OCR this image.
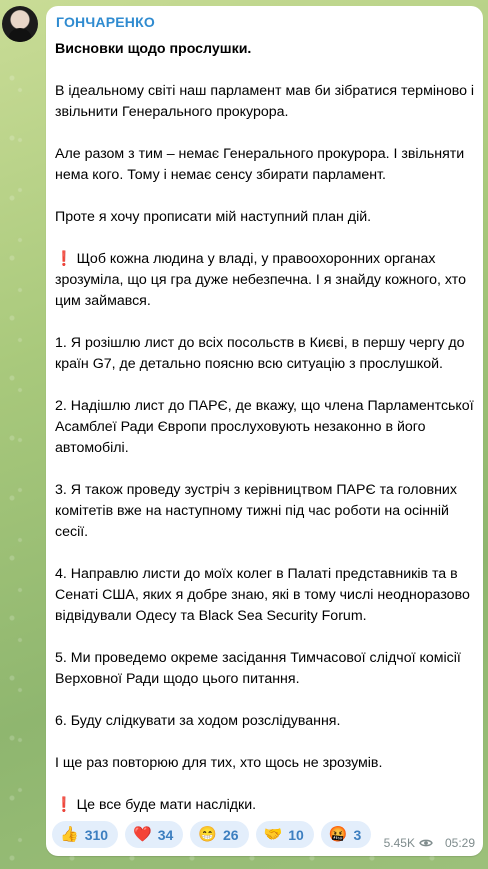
ГОНЧАРЕНКО

Висновки щодо прослушки.

В ідеальному світі наш парламент мав би зібратися терміново і звільнити Генерального прокурора.

Але разом з тим – немає Генерального прокурора. І звільняти нема кого. Тому і немає сенсу збирати парламент.

Проте я хочу прописати мій наступний план дій.

❗ Щоб кожна людина у владі, у правоохоронних органах зрозуміла, що ця гра дуже небезпечна. І я знайду кожного, хто цим займався.

1. Я розішлю лист до всіх посольств в Києві, в першу чергу до країн G7, де детально поясню всю ситуацію з прослушкой.

2. Надішлю лист до ПАРЄ, де вкажу, що члена Парламентської Асамблеї Ради Європи прослуховують незаконно в його автомобілі.

3. Я також проведу зустріч з керівництвом ПАРЄ та головних комітетів вже на наступному тижні під час роботи на осінній сесії.

4. Направлю листи до моїх колег в Палаті представників та в Сенаті США, яких я добре знаю, які в тому числі неодноразово відвідували Одесу та Black Sea Security Forum.

5. Ми проведемо окреме засідання Тимчасової слідчої комісії Верховної Ради щодо цього питання.

6. Буду слідкувати за ходом розслідування.

І ще раз повторюю для тих, хто щось не зрозумів.

❗ Це все буде мати наслідки.

👍 310 ❤️ 34 😁 26 🤝 10 🤬 3
5.45K	05:29
